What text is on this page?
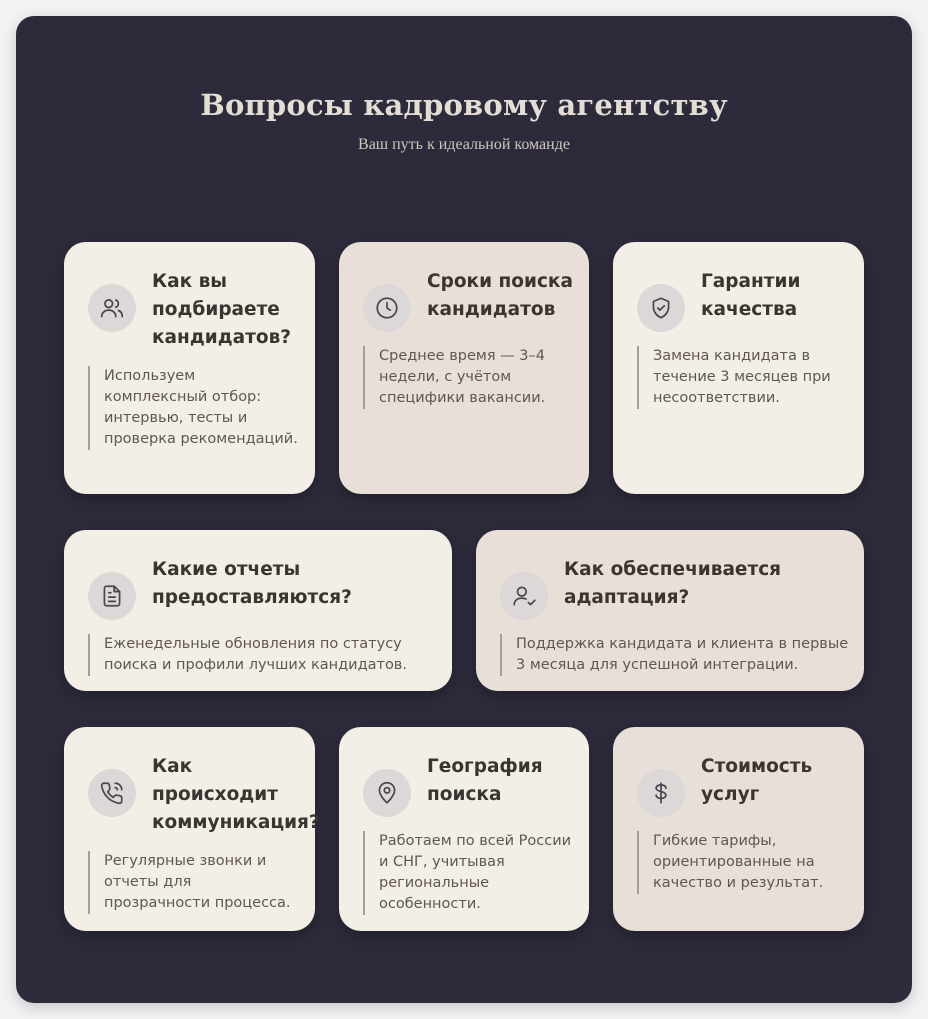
Вопросы кадровому агентству
Ваш путь к идеальной команде
Как вы подбираете кандидатов?
Используем комплексный отбор: интервью, тесты и проверка рекомендаций.
Сроки поиска кандидатов
Среднее время — 3–4 недели, с учётом специфики вакансии.
Гарантии качества
Замена кандидата в течение 3 месяцев при несоответствии.
Какие отчеты предоставляются?
Еженедельные обновления по статусу поиска и профили лучших кандидатов.
Как обеспечивается адаптация?
Поддержка кандидата и клиента в первые 3 месяца для успешной интеграции.
Как происходит коммуникация?
Регулярные звонки и отчеты для прозрачности процесса.
География поиска
Работаем по всей России и СНГ, учитывая региональные особенности.
Стоимость услуг
Гибкие тарифы, ориентированные на качество и результат.
